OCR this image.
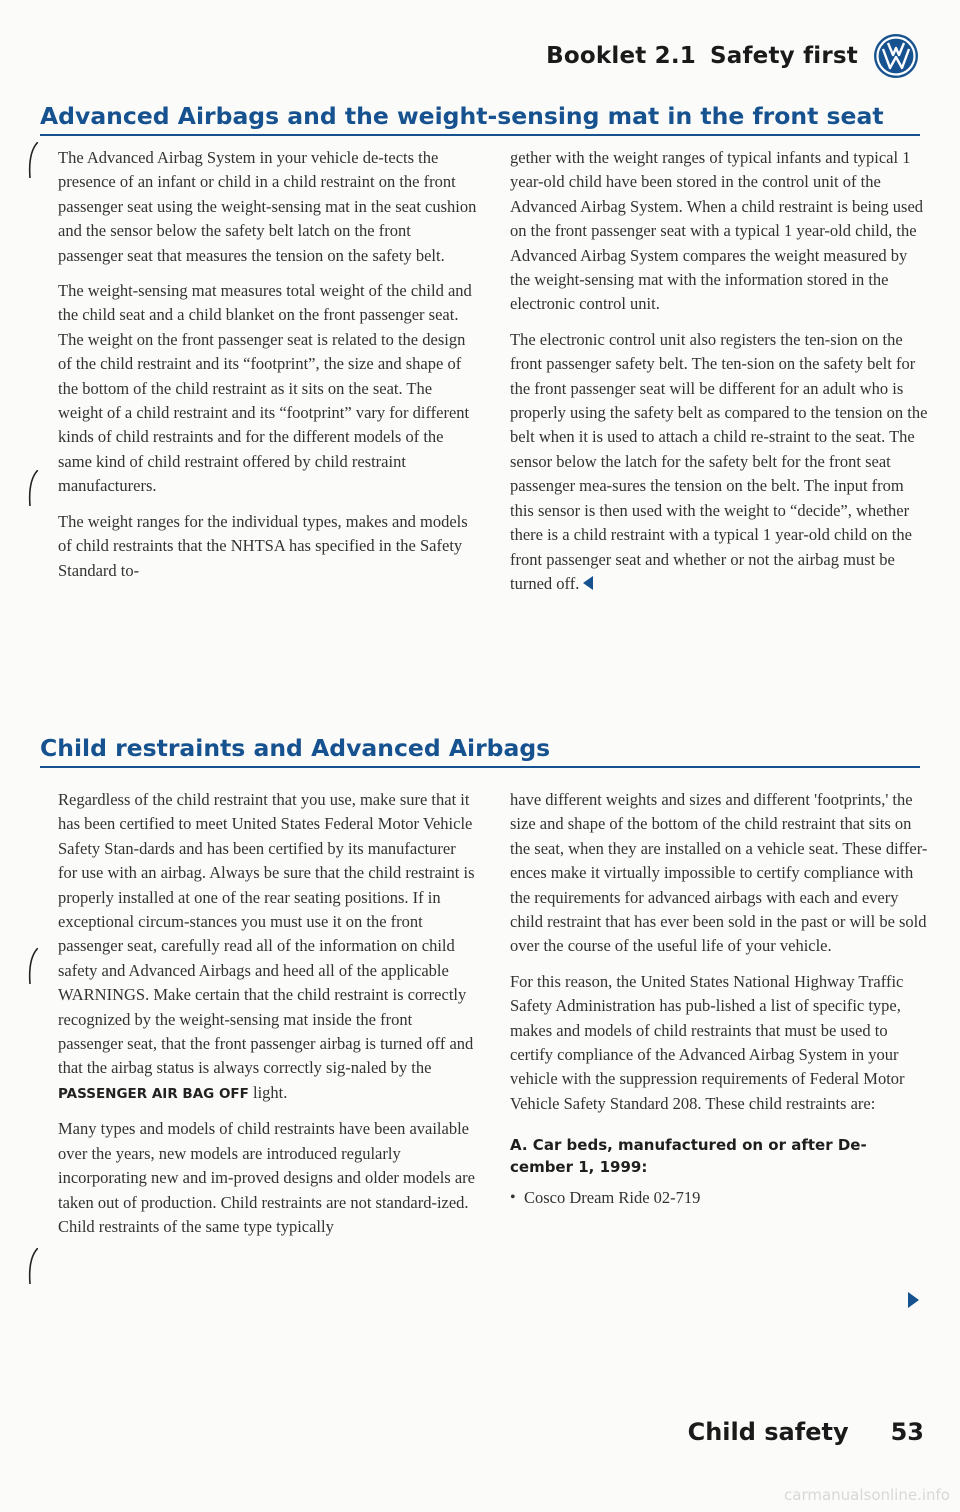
Booklet 2.1 Safety first
Advanced Airbags and the weight-sensing mat in the front seat

The Advanced Airbag System in your vehicle de-tects the presence of an infant or child in a child restraint on the front passenger seat using the weight-sensing mat in the seat cushion and the sensor below the safety belt latch on the front passenger seat that measures the tension on the safety belt.

The weight-sensing mat measures total weight of the child and the child seat and a child blanket on the front passenger seat. The weight on the front passenger seat is related to the design of the child restraint and its “footprint”, the size and shape of the bottom of the child restraint as it sits on the seat. The weight of a child restraint and its “footprint” vary for different kinds of child restraints and for the different models of the same kind of child restraint offered by child restraint manufacturers.

The weight ranges for the individual types, makes and models of child restraints that the NHTSA has specified in the Safety Standard to-

gether with the weight ranges of typical infants and typical 1 year-old child have been stored in the control unit of the Advanced Airbag System. When a child restraint is being used on the front passenger seat with a typical 1 year-old child, the Advanced Airbag System compares the weight measured by the weight-sensing mat with the information stored in the electronic control unit.

The electronic control unit also registers the ten-sion on the front passenger safety belt. The ten-sion on the safety belt for the front passenger seat will be different for an adult who is properly using the safety belt as compared to the tension on the belt when it is used to attach a child re-straint to the seat. The sensor below the latch for the safety belt for the front seat passenger mea-sures the tension on the belt. The input from this sensor is then used with the weight to “decide”, whether there is a child restraint with a typical 1 year-old child on the front passenger seat and whether or not the airbag must be turned off.

Child restraints and Advanced Airbags

Regardless of the child restraint that you use, make sure that it has been certified to meet United States Federal Motor Vehicle Safety Stan-dards and has been certified by its manufacturer for use with an airbag. Always be sure that the child restraint is properly installed at one of the rear seating positions. If in exceptional circum-stances you must use it on the front passenger seat, carefully read all of the information on child safety and Advanced Airbags and heed all of the applicable WARNINGS. Make certain that the child restraint is correctly recognized by the weight-sensing mat inside the front passenger seat, that the front passenger airbag is turned off and that the airbag status is always correctly sig-naled by the PASSENGER AIR BAG OFF light.

Many types and models of child restraints have been available over the years, new models are introduced regularly incorporating new and im-proved designs and older models are taken out of production. Child restraints are not standard-ized. Child restraints of the same type typically

have different weights and sizes and different 'footprints,' the size and shape of the bottom of the child restraint that sits on the seat, when they are installed on a vehicle seat. These differ-ences make it virtually impossible to certify compliance with the requirements for advanced airbags with each and every child restraint that has ever been sold in the past or will be sold over the course of the useful life of your vehicle.

For this reason, the United States National Highway Traffic Safety Administration has pub-lished a list of specific type, makes and models of child restraints that must be used to certify compliance of the Advanced Airbag System in your vehicle with the suppression requirements of Federal Motor Vehicle Safety Standard 208. These child restraints are:

A. Car beds, manufactured on or after De-cember 1, 1999:
• Cosco Dream Ride 02-719
Child safety 53
carmanualsonline.info
